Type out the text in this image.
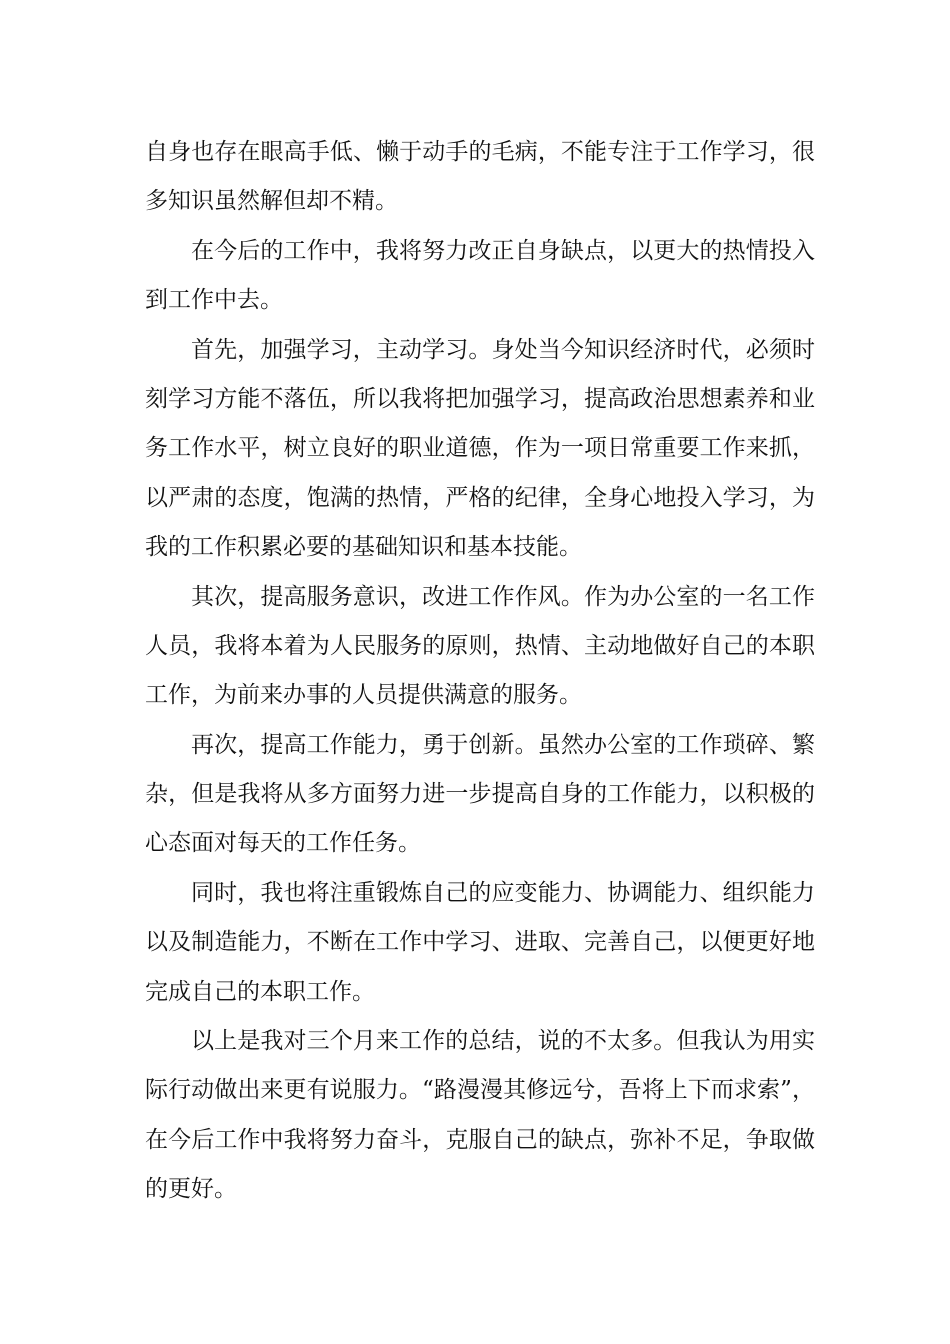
自身也存在眼高手低、懒于动手的毛病，不能专注于工作学习，很
多知识虽然解但却不精。
在今后的工作中，我将努力改正自身缺点，以更大的热情投入
到工作中去。
首先，加强学习，主动学习。身处当今知识经济时代，必须时
刻学习方能不落伍，所以我将把加强学习，提高政治思想素养和业
务工作水平，树立良好的职业道德，作为一项日常重要工作来抓，
以严肃的态度，饱满的热情，严格的纪律，全身心地投入学习，为
我的工作积累必要的基础知识和基本技能。
其次，提高服务意识，改进工作作风。作为办公室的一名工作
人员，我将本着为人民服务的原则，热情、主动地做好自己的本职
工作，为前来办事的人员提供满意的服务。
再次，提高工作能力，勇于创新。虽然办公室的工作琐碎、繁
杂，但是我将从多方面努力进一步提高自身的工作能力，以积极的
心态面对每天的工作任务。
同时，我也将注重锻炼自己的应变能力、协调能力、组织能力
以及制造能力，不断在工作中学习、进取、完善自己，以便更好地
完成自己的本职工作。
以上是我对三个月来工作的总结，说的不太多。但我认为用实
际行动做出来更有说服力。“路漫漫其修远兮，吾将上下而求索”，
在今后工作中我将努力奋斗，克服自己的缺点，弥补不足，争取做
的更好。
